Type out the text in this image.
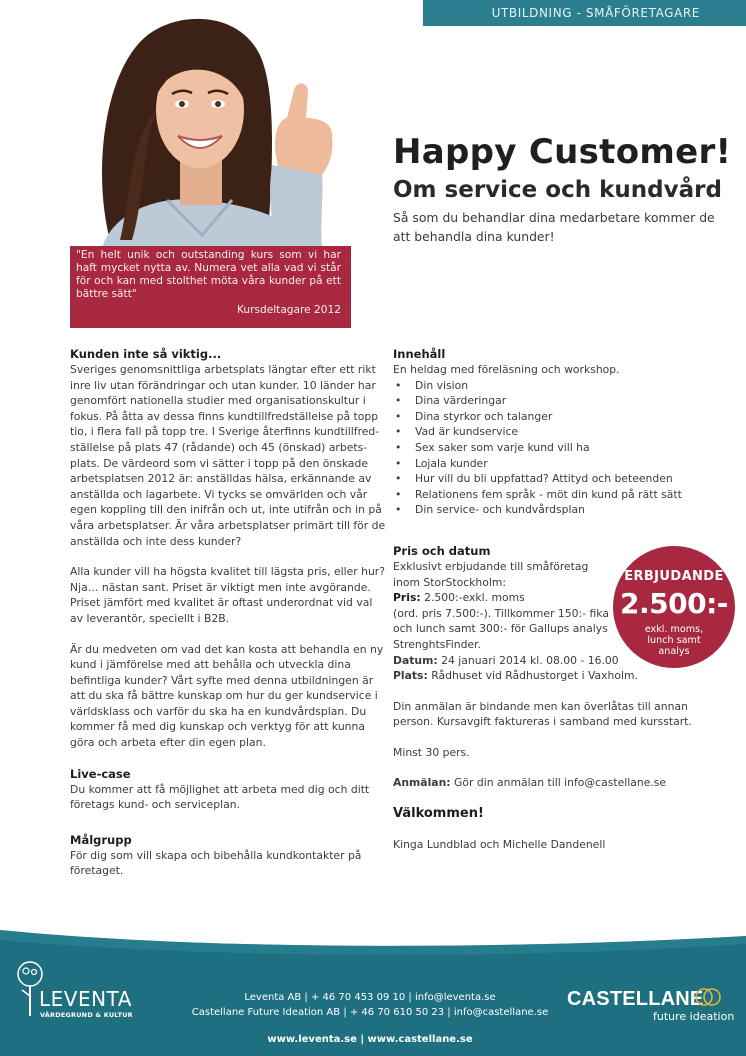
UTBILDNING - SMÅFÖRETAGARE

"En helt unik och outstanding kurs som vi har haft mycket nytta av. Numera vet alla vad vi står för och kan med stolthet möta våra kunder på ett bättre sätt"

Kursdeltagare 2012

Happy Customer!
Om service och kundvård

Så som du behandlar dina medarbetare kommer de att behandla dina kunder!

Kunden inte så viktig...

Sveriges genomsnittliga arbetsplats längtar efter ett rikt inre liv utan förändringar och utan kunder. 10 länder har genomfört nationella studier med organisationskultur i fokus. På åtta av dessa finns kundtillfredställelse på topp tio, i flera fall på topp tre. I Sverige återfinns kundtillfred-ställelse på plats 47 (rådande) och 45 (önskad) arbets-plats. De värdeord som vi sätter i topp på den önskade arbetsplatsen 2012 är: anställdas hälsa, erkännande av anställda och lagarbete. Vi tycks se omvärlden och vår egen koppling till den inifrån och ut, inte utifrån och in på våra arbetsplatser. Är våra arbetsplatser primärt till för de anställda och inte dess kunder?

Alla kunder vill ha högsta kvalitet till lägsta pris, eller hur? Nja… nästan sant. Priset är viktigt men inte avgörande. Priset jämfört med kvalitet är oftast underordnat vid val av leverantör, speciellt i B2B.

Är du medveten om vad det kan kosta att behandla en ny kund i jämförelse med att behålla och utveckla dina befintliga kunder? Vårt syfte med denna utbildningen är att du ska få bättre kunskap om hur du ger kundservice i världsklass och varför du ska ha en kundvårdsplan. Du kommer få med dig kunskap och verktyg för att kunna göra och arbeta efter din egen plan.

Live-case

Du kommer att få möjlighet att arbeta med dig och ditt företags kund- och serviceplan.

Målgrupp

För dig som vill skapa och bibehålla kundkontakter på företaget.

Innehåll

En heldag med föreläsning och workshop.

• Din vision
• Dina värderingar
• Dina styrkor och talanger
• Vad är kundservice
• Sex saker som varje kund vill ha
• Lojala kunder
• Hur vill du bli uppfattad? Attityd och beteenden
• Relationens fem språk - möt din kund på rätt sätt
• Din service- och kundvårdsplan
Pris och datum

Exklusivt erbjudande till småföretag inom StorStockholm:

Pris: 2.500:-exkl. moms

(ord. pris 7.500:-). Tillkommer 150:- fika och lunch samt 300:- för Gallups analys StrenghtsFinder.

Datum: 24 januari 2014 kl. 08.00 - 16.00

Plats: Rådhuset vid Rådhustorget i Vaxholm.

Din anmälan är bindande men kan överlåtas till annan person. Kursavgift faktureras i samband med kursstart.

Minst 30 pers.

Anmälan: Gör din anmälan till info@castellane.se

Välkommen!

Kinga Lundblad och Michelle Dandenell

ERBJUDANDE
2.500:-
exkl. moms, lunch samt analys
LEVENTA
VÄRDEGRUND & KULTUR
Leventa AB | + 46 70 453 09 10 | info@leventa.se
Castellane Future Ideation AB | + 46 70 610 50 23 | info@castellane.se
www.leventa.se | www.castellane.se
CASTELLANE
future ideation
